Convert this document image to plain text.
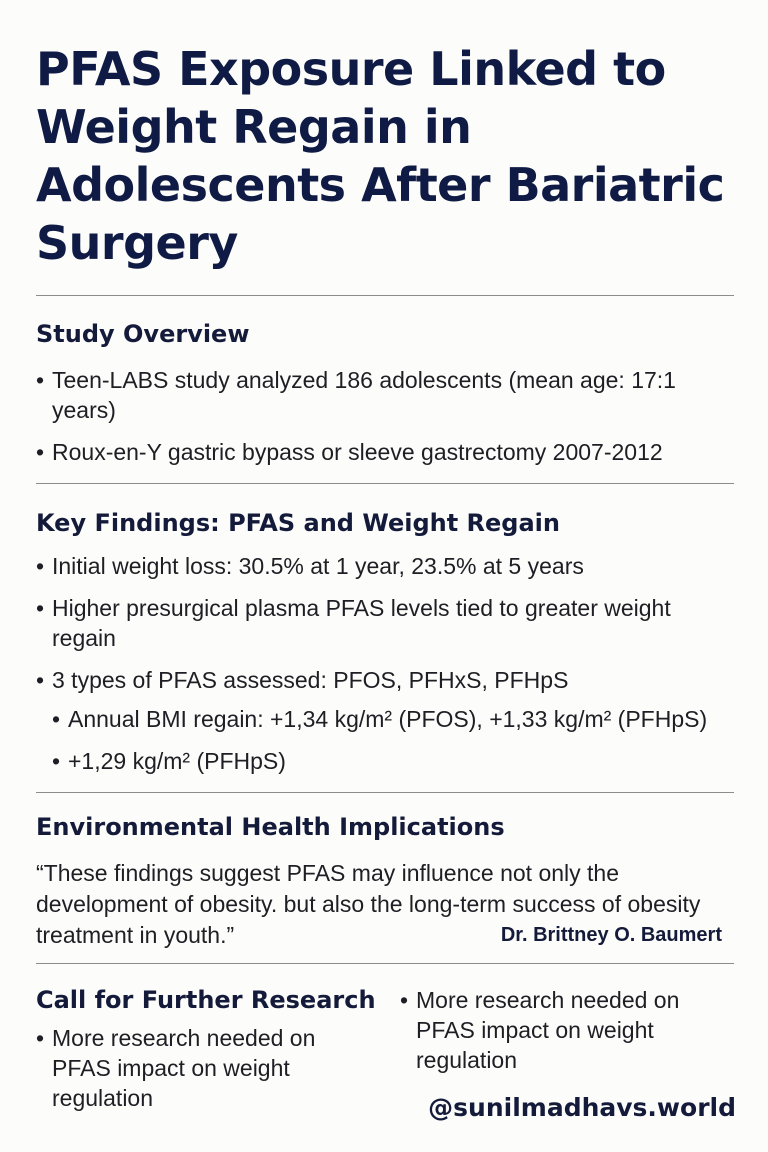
PFAS Exposure Linked to Weight Regain in Adolescents After Bariatric Surgery
Study Overview
• Teen-LABS study analyzed 186 adolescents (mean age: 17:1 years)
• Roux-en-Y gastric bypass or sleeve gastrectomy 2007-2012
Key Findings: PFAS and Weight Regain
• Initial weight loss: 30.5% at 1 year, 23.5% at 5 years
• Higher presurgical plasma PFAS levels tied to greater weight regain
• 3 types of PFAS assessed: PFOS, PFHxS, PFHpS
• Annual BMI regain: +1,34 kg/m² (PFOS), +1,33 kg/m² (PFHpS)
• +1,29 kg/m² (PFHpS)
Environmental Health Implications

“These findings suggest PFAS may influence not only the development of obesity. but also the long-term success of obesity treatment in youth.”	Dr. Brittney O. Baumert
Call for Further Research
• More research needed on PFAS impact on weight regulation
• More research needed on PFAS impact on weight regulation
@sunilmadhavs.world
